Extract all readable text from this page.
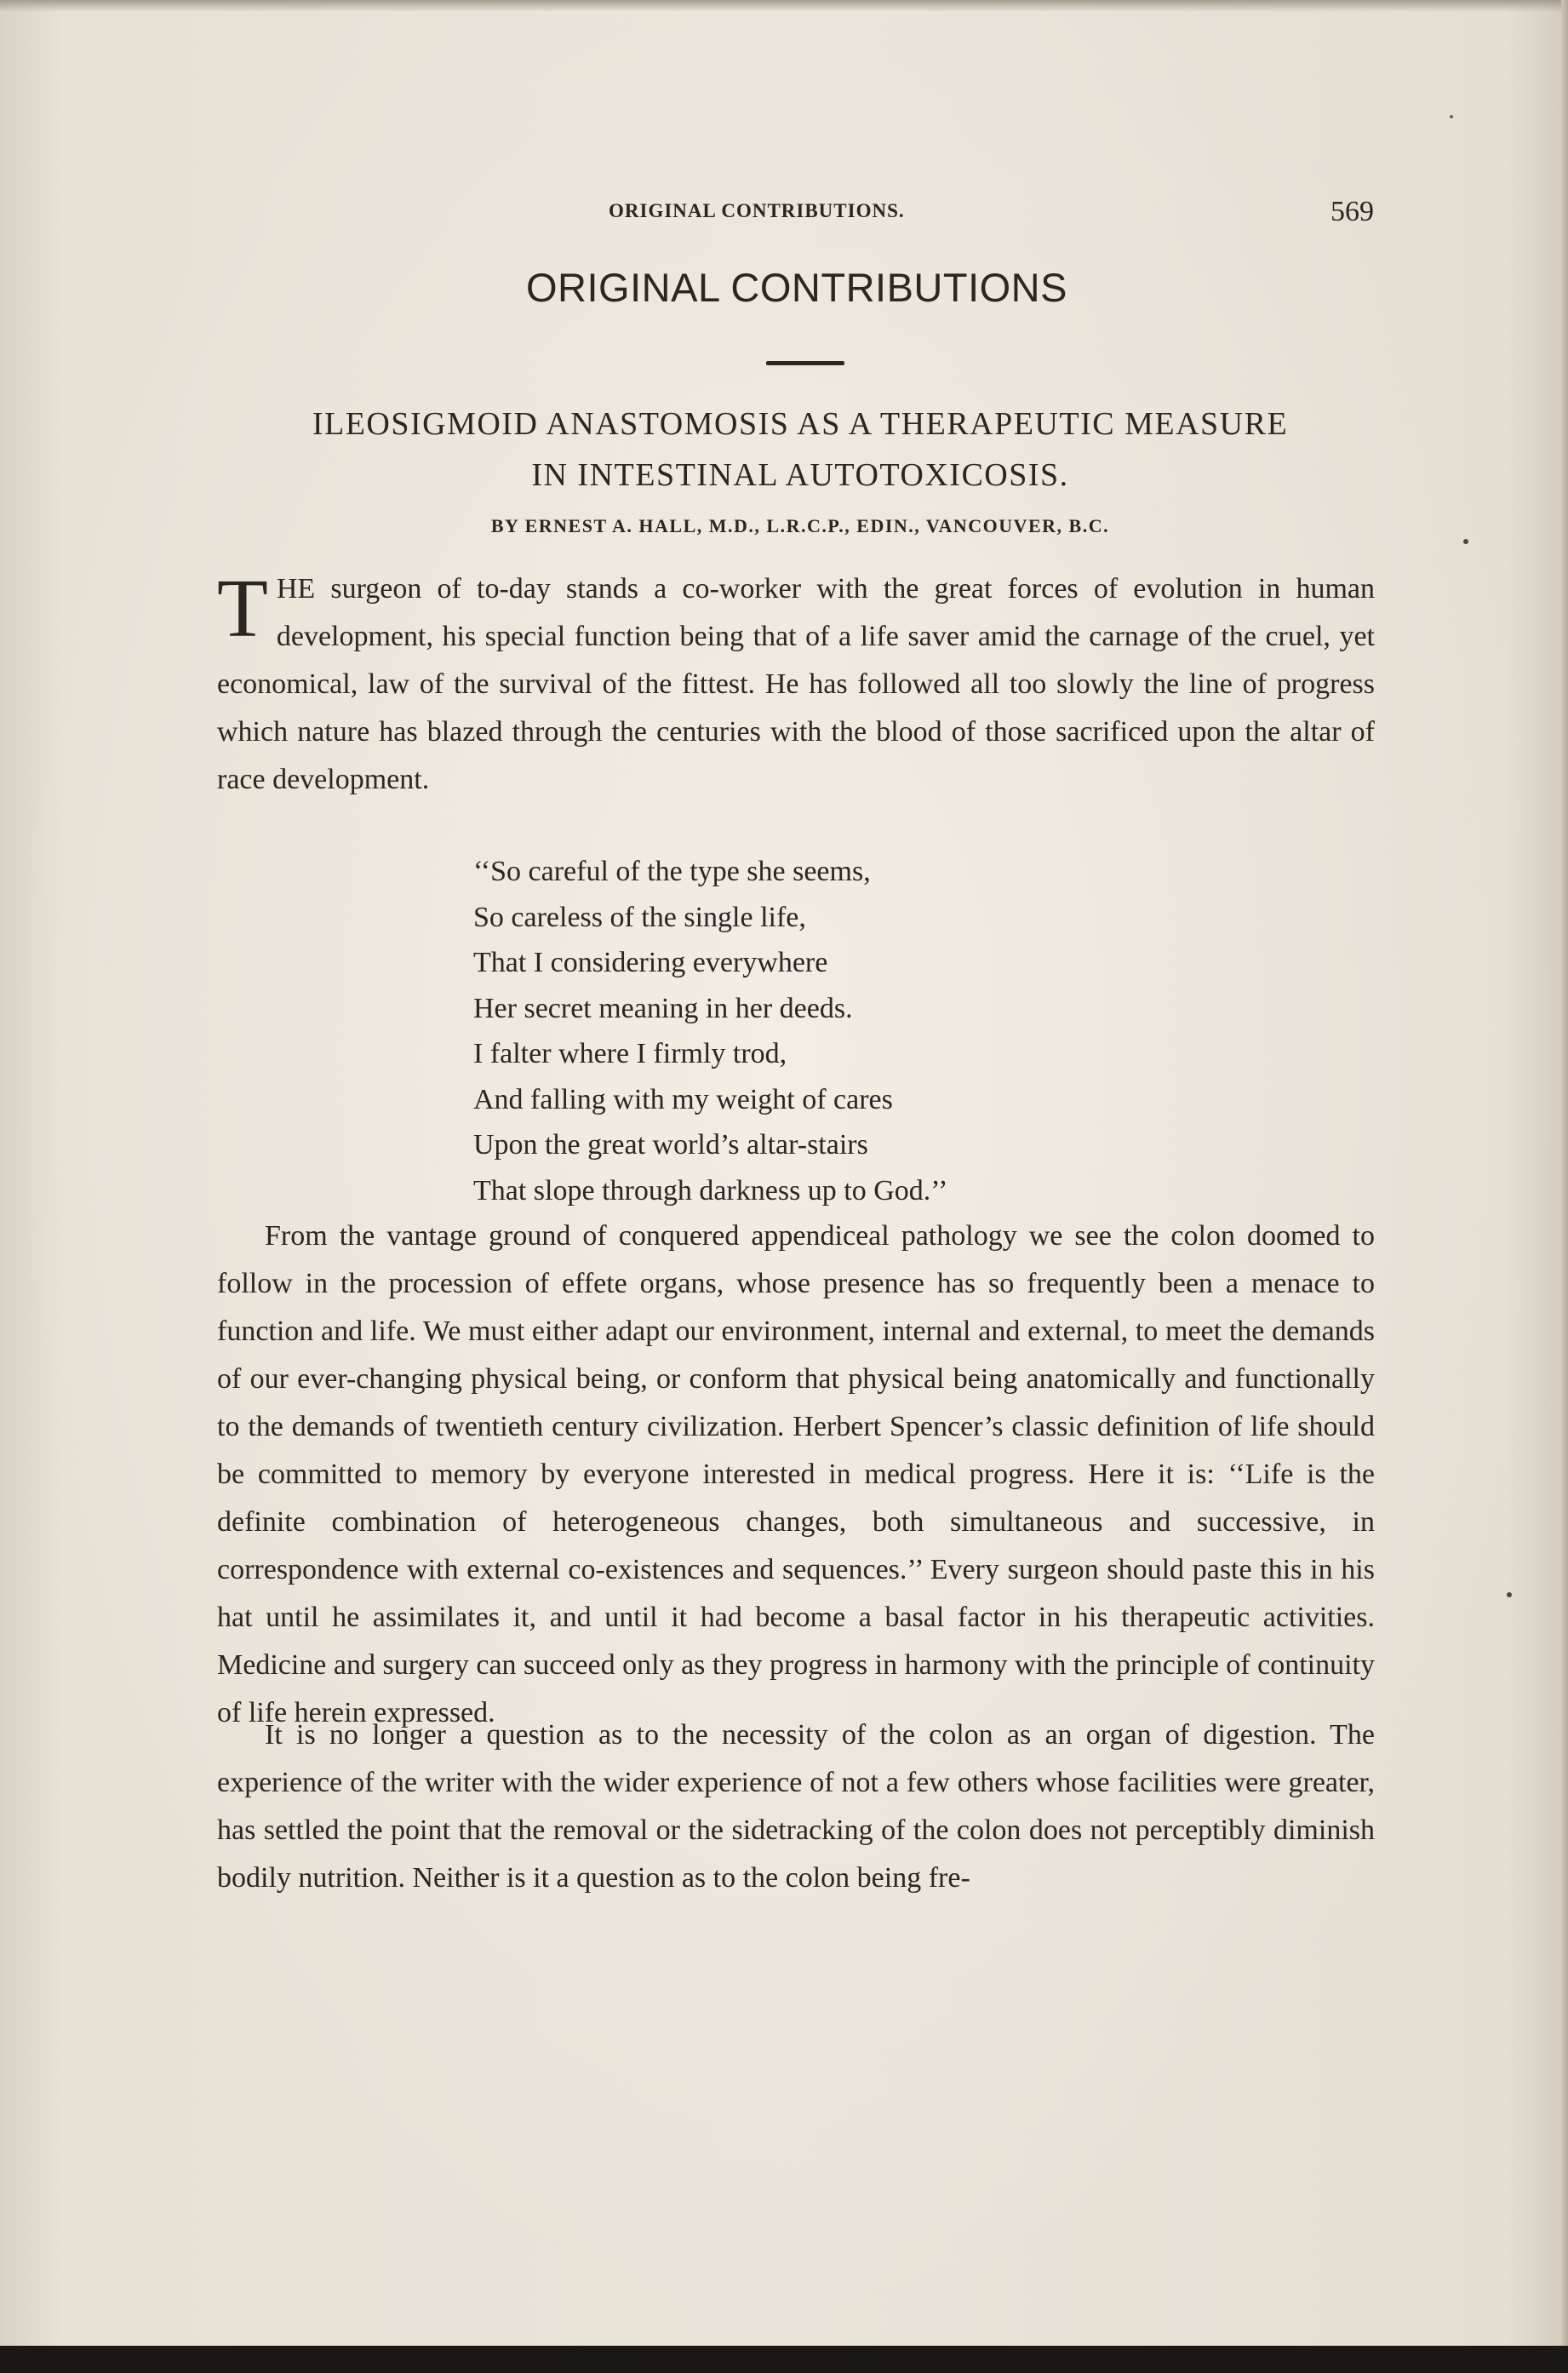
ORIGINAL CONTRIBUTIONS.	569
ORIGINAL CONTRIBUTIONS
ILEOSIGMOID ANASTOMOSIS AS A THERAPEUTIC MEASURE
IN INTESTINAL AUTOTOXICOSIS.
BY ERNEST A. HALL, M.D., L.R.C.P., EDIN., VANCOUVER, B.C.
T HE surgeon of to-day stands a co-worker with the great forces of evolution in human development, his special function being that of a life saver amid the carnage of the cruel, yet economical, law of the survival of the fittest. He has followed all too slowly the line of progress which nature has blazed through the centuries with the blood of those sacrificed upon the altar of race development.
‘‘So careful of the type she seems,
So careless of the single life,
That I considering everywhere
Her secret meaning in her deeds.
I falter where I firmly trod,
And falling with my weight of cares
Upon the great world’s altar-stairs
That slope through darkness up to God.’’
From the vantage ground of conquered appendiceal pathology we see the colon doomed to follow in the procession of effete organs, whose presence has so frequently been a menace to function and life. We must either adapt our environment, internal and external, to meet the demands of our ever-changing physical being, or conform that physical being anatomically and functionally to the demands of twentieth century civilization. Herbert Spencer’s classic definition of life should be committed to memory by everyone interested in medical progress. Here it is: ‘‘Life is the definite combination of heterogeneous changes, both simultaneous and successive, in correspondence with external co-existences and sequences.’’ Every surgeon should paste this in his hat until he assimilates it, and until it had become a basal factor in his therapeutic activities. Medicine and surgery can succeed only as they progress in harmony with the principle of continuity of life herein expressed.
It is no longer a question as to the necessity of the colon as an organ of digestion. The experience of the writer with the wider experience of not a few others whose facilities were greater, has settled the point that the removal or the sidetracking of the colon does not perceptibly diminish bodily nutrition. Neither is it a question as to the colon being fre-
